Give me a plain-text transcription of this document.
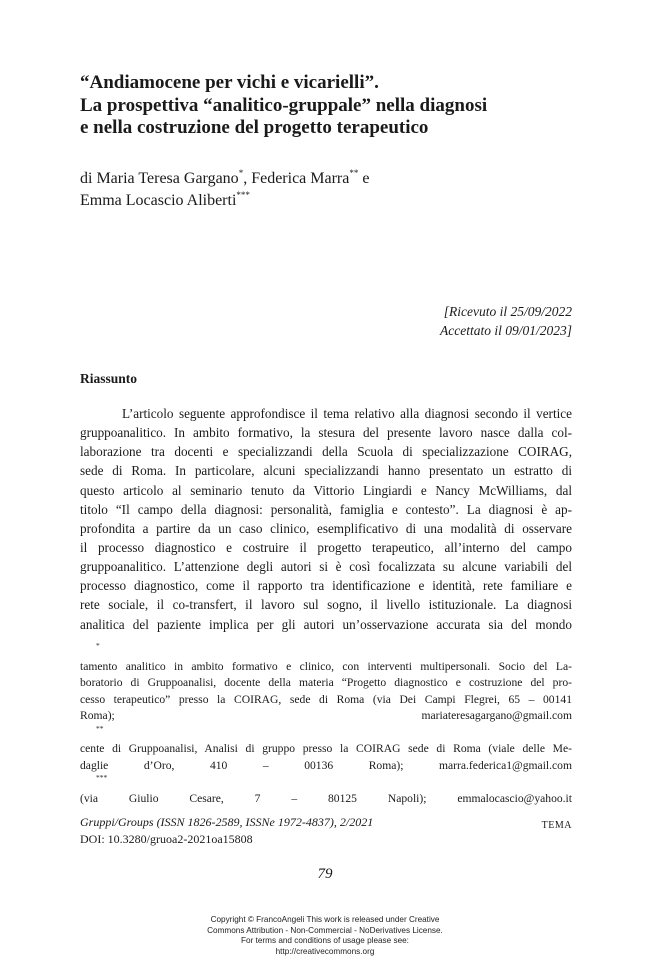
“Andiamocene per vichi e vicarielli”.
La prospettiva “analitico-gruppale” nella diagnosi
e nella costruzione del progetto terapeutico
di Maria Teresa Gargano*, Federica Marra** e
Emma Locascio Aliberti***
[Ricevuto il 25/09/2022
Accettato il 09/01/2023]
Riassunto
L’articolo seguente approfondisce il tema relativo alla diagnosi secondo il vertice
gruppoanalitico. In ambito formativo, la stesura del presente lavoro nasce dalla col-
laborazione tra docenti e specializzandi della Scuola di specializzazione COIRAG,
sede di Roma. In particolare, alcuni specializzandi hanno presentato un estratto di
questo articolo al seminario tenuto da Vittorio Lingiardi e Nancy McWilliams, dal
titolo “Il campo della diagnosi: personalità, famiglia e contesto”. La diagnosi è ap-
profondita a partire da un caso clinico, esemplificativo di una modalità di osservare
il processo diagnostico e costruire il progetto terapeutico, all’interno del campo
gruppoanalitico. L’attenzione degli autori si è così focalizzata su alcune variabili del
processo diagnostico, come il rapporto tra identificazione e identità, rete familiare e
rete sociale, il co-transfert, il lavoro sul sogno, il livello istituzionale. La diagnosi
analitica del paziente implica per gli autori un’osservazione accurata sia del mondo
*
tamento analitico in ambito formativo e clinico, con interventi multipersonali. Socio del La-
boratorio di Gruppoanalisi, docente della materia “Progetto diagnostico e costruzione del pro-
cesso terapeutico” presso la COIRAG, sede di Roma (via Dei Campi Flegrei, 65 – 00141
Roma); mariateresagargano@gmail.com
**
cente di Gruppoanalisi, Analisi di gruppo presso la COIRAG sede di Roma (viale delle Me-
daglie d’Oro, 410 – 00136 Roma); marra.federica1@gmail.com
***
(via Giulio Cesare, 7 – 80125 Napoli); emmalocascio@yahoo.it
Gruppi/Groups (ISSN 1826-2589, ISSNe 1972-4837), 2/2021
DOI: 10.3280/gruoa2-2021oa15808
TEMA
79
Copyright © FrancoAngeli This work is released under Creative
Commons Attribution - Non-Commercial - NoDerivatives License.
For terms and conditions of usage please see:
http://creativecommons.org
